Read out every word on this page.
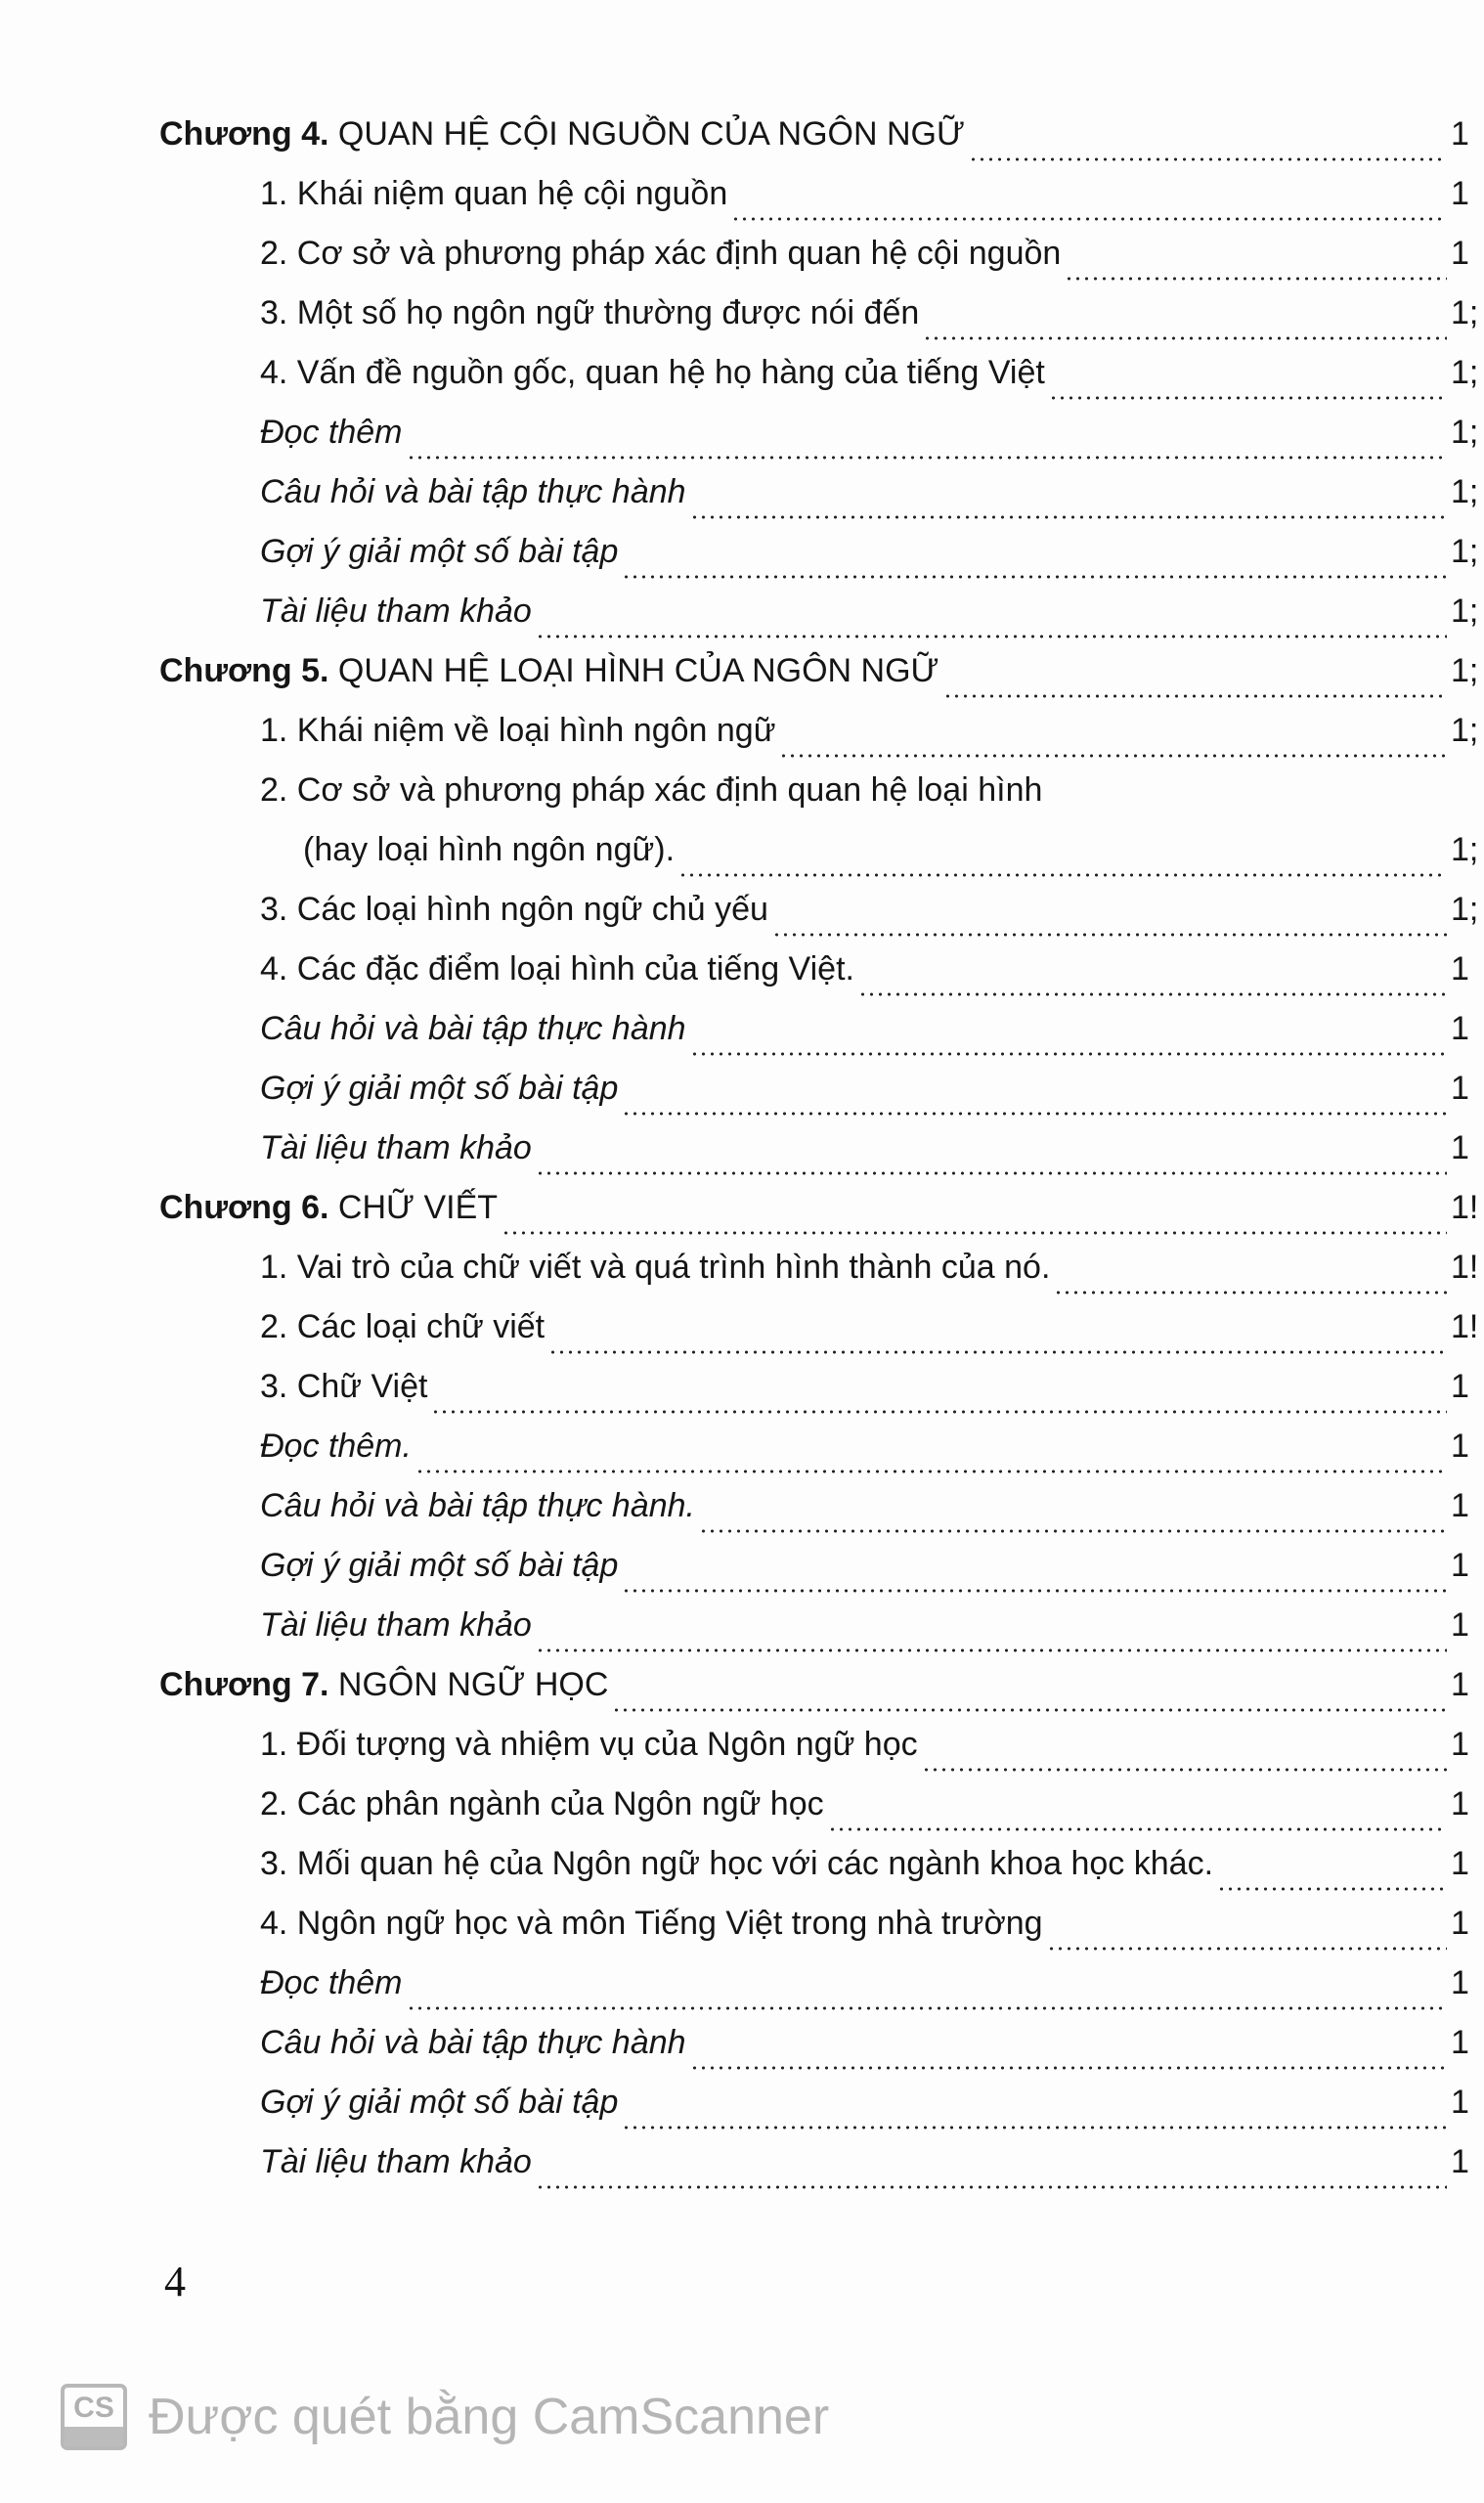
Chương 4. QUAN HỆ CỘI NGUỒN CỦA NGÔN NGỮ	1
1. Khái niệm quan hệ cội nguồn	1
2. Cơ sở và phương pháp xác định quan hệ cội nguồn	1
3. Một số họ ngôn ngữ thường được nói đến	1;
4. Vấn đề nguồn gốc, quan hệ họ hàng của tiếng Việt	1;
Đọc thêm	1;
Câu hỏi và bài tập thực hành	1;
Gợi ý giải một số bài tập	1;
Tài liệu tham khảo	1;
Chương 5. QUAN HỆ LOẠI HÌNH CỦA NGÔN NGỮ	1;
1. Khái niệm về loại hình ngôn ngữ	1;
2. Cơ sở và phương pháp xác định quan hệ loại hình
(hay loại hình ngôn ngữ).	1;
3. Các loại hình ngôn ngữ chủ yếu	1;
4. Các đặc điểm loại hình của tiếng Việt.	1
Câu hỏi và bài tập thực hành	1
Gợi ý giải một số bài tập	1
Tài liệu tham khảo	1
Chương 6. CHỮ VIẾT	1!
1. Vai trò của chữ viết và quá trình hình thành của nó.	1!
2. Các loại chữ viết	1!
3. Chữ Việt	1
Đọc thêm.	1
Câu hỏi và bài tập thực hành.	1
Gợi ý giải một số bài tập	1
Tài liệu tham khảo	1
Chương 7. NGÔN NGỮ HỌC	1
1. Đối tượng và nhiệm vụ của Ngôn ngữ học	1
2. Các phân ngành của Ngôn ngữ học	1
3. Mối quan hệ của Ngôn ngữ học với các ngành khoa học khác.	1
4. Ngôn ngữ học và môn Tiếng Việt trong nhà trường	1
Đọc thêm	1
Câu hỏi và bài tập thực hành	1
Gợi ý giải một số bài tập	1
Tài liệu tham khảo	1
4
CS Được quét bằng CamScanner
